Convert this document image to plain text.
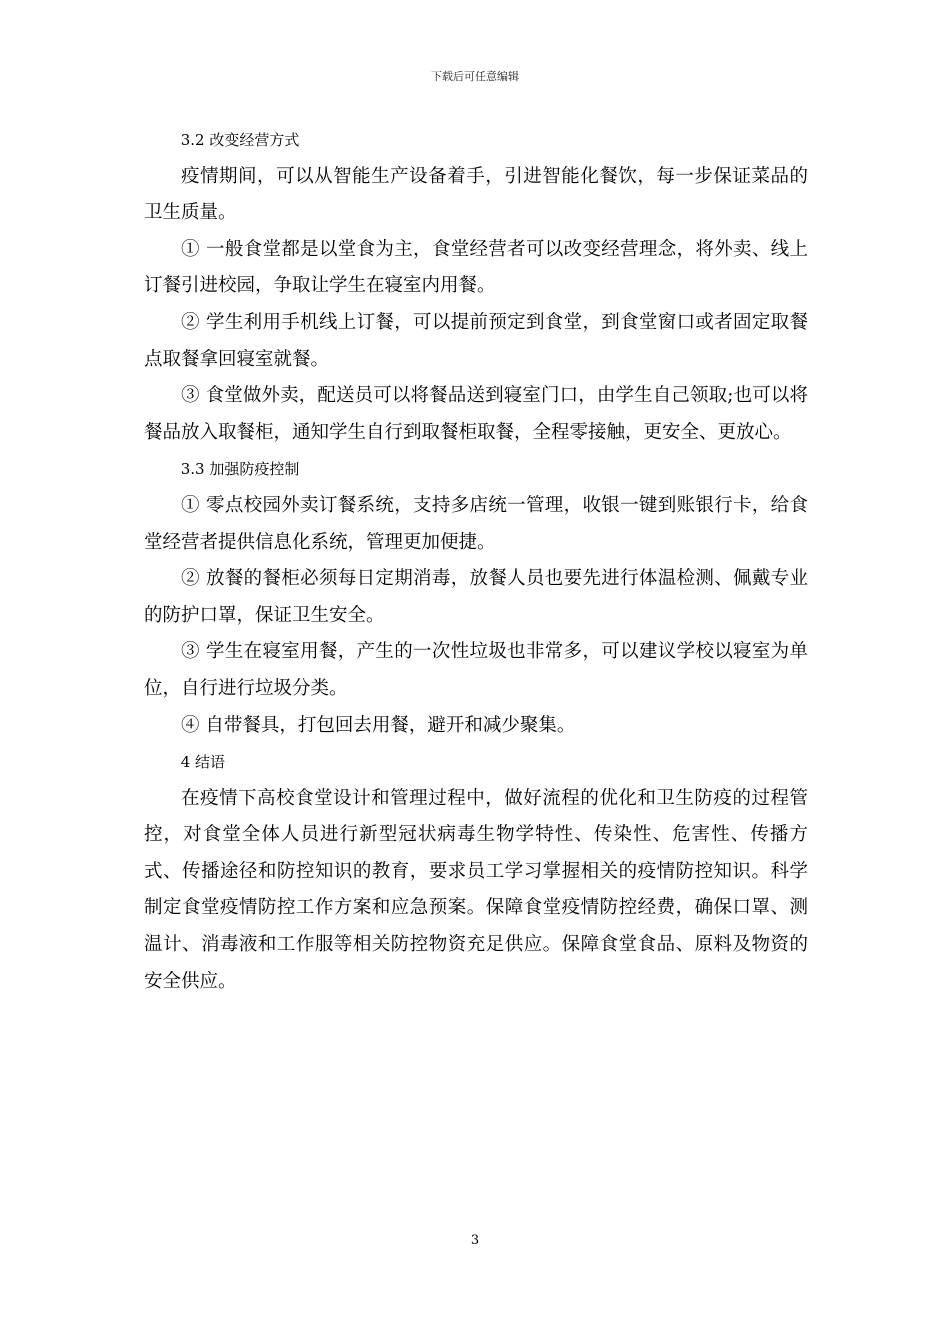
下载后可任意编辑

3.2 改变经营方式

疫情期间，可以从智能生产设备着手，引进智能化餐饮，每一步保证菜品的卫生质量。

① 一般食堂都是以堂食为主，食堂经营者可以改变经营理念，将外卖、线上订餐引进校园，争取让学生在寝室内用餐。

② 学生利用手机线上订餐，可以提前预定到食堂，到食堂窗口或者固定取餐点取餐拿回寝室就餐。

③ 食堂做外卖，配送员可以将餐品送到寝室门口，由学生自己领取;也可以将餐品放入取餐柜，通知学生自行到取餐柜取餐，全程零接触，更安全、更放心。

3.3 加强防疫控制

① 零点校园外卖订餐系统，支持多店统一管理，收银一键到账银行卡，给食堂经营者提供信息化系统，管理更加便捷。

② 放餐的餐柜必须每日定期消毒，放餐人员也要先进行体温检测、佩戴专业的防护口罩，保证卫生安全。

③ 学生在寝室用餐，产生的一次性垃圾也非常多，可以建议学校以寝室为单位，自行进行垃圾分类。

④ 自带餐具，打包回去用餐，避开和减少聚集。

4 结语

在疫情下高校食堂设计和管理过程中，做好流程的优化和卫生防疫的过程管控，对食堂全体人员进行新型冠状病毒生物学特性、传染性、危害性、传播方式、传播途径和防控知识的教育，要求员工学习掌握相关的疫情防控知识。科学制定食堂疫情防控工作方案和应急预案。保障食堂疫情防控经费，确保口罩、测温计、消毒液和工作服等相关防控物资充足供应。保障食堂食品、原料及物资的安全供应。

3
